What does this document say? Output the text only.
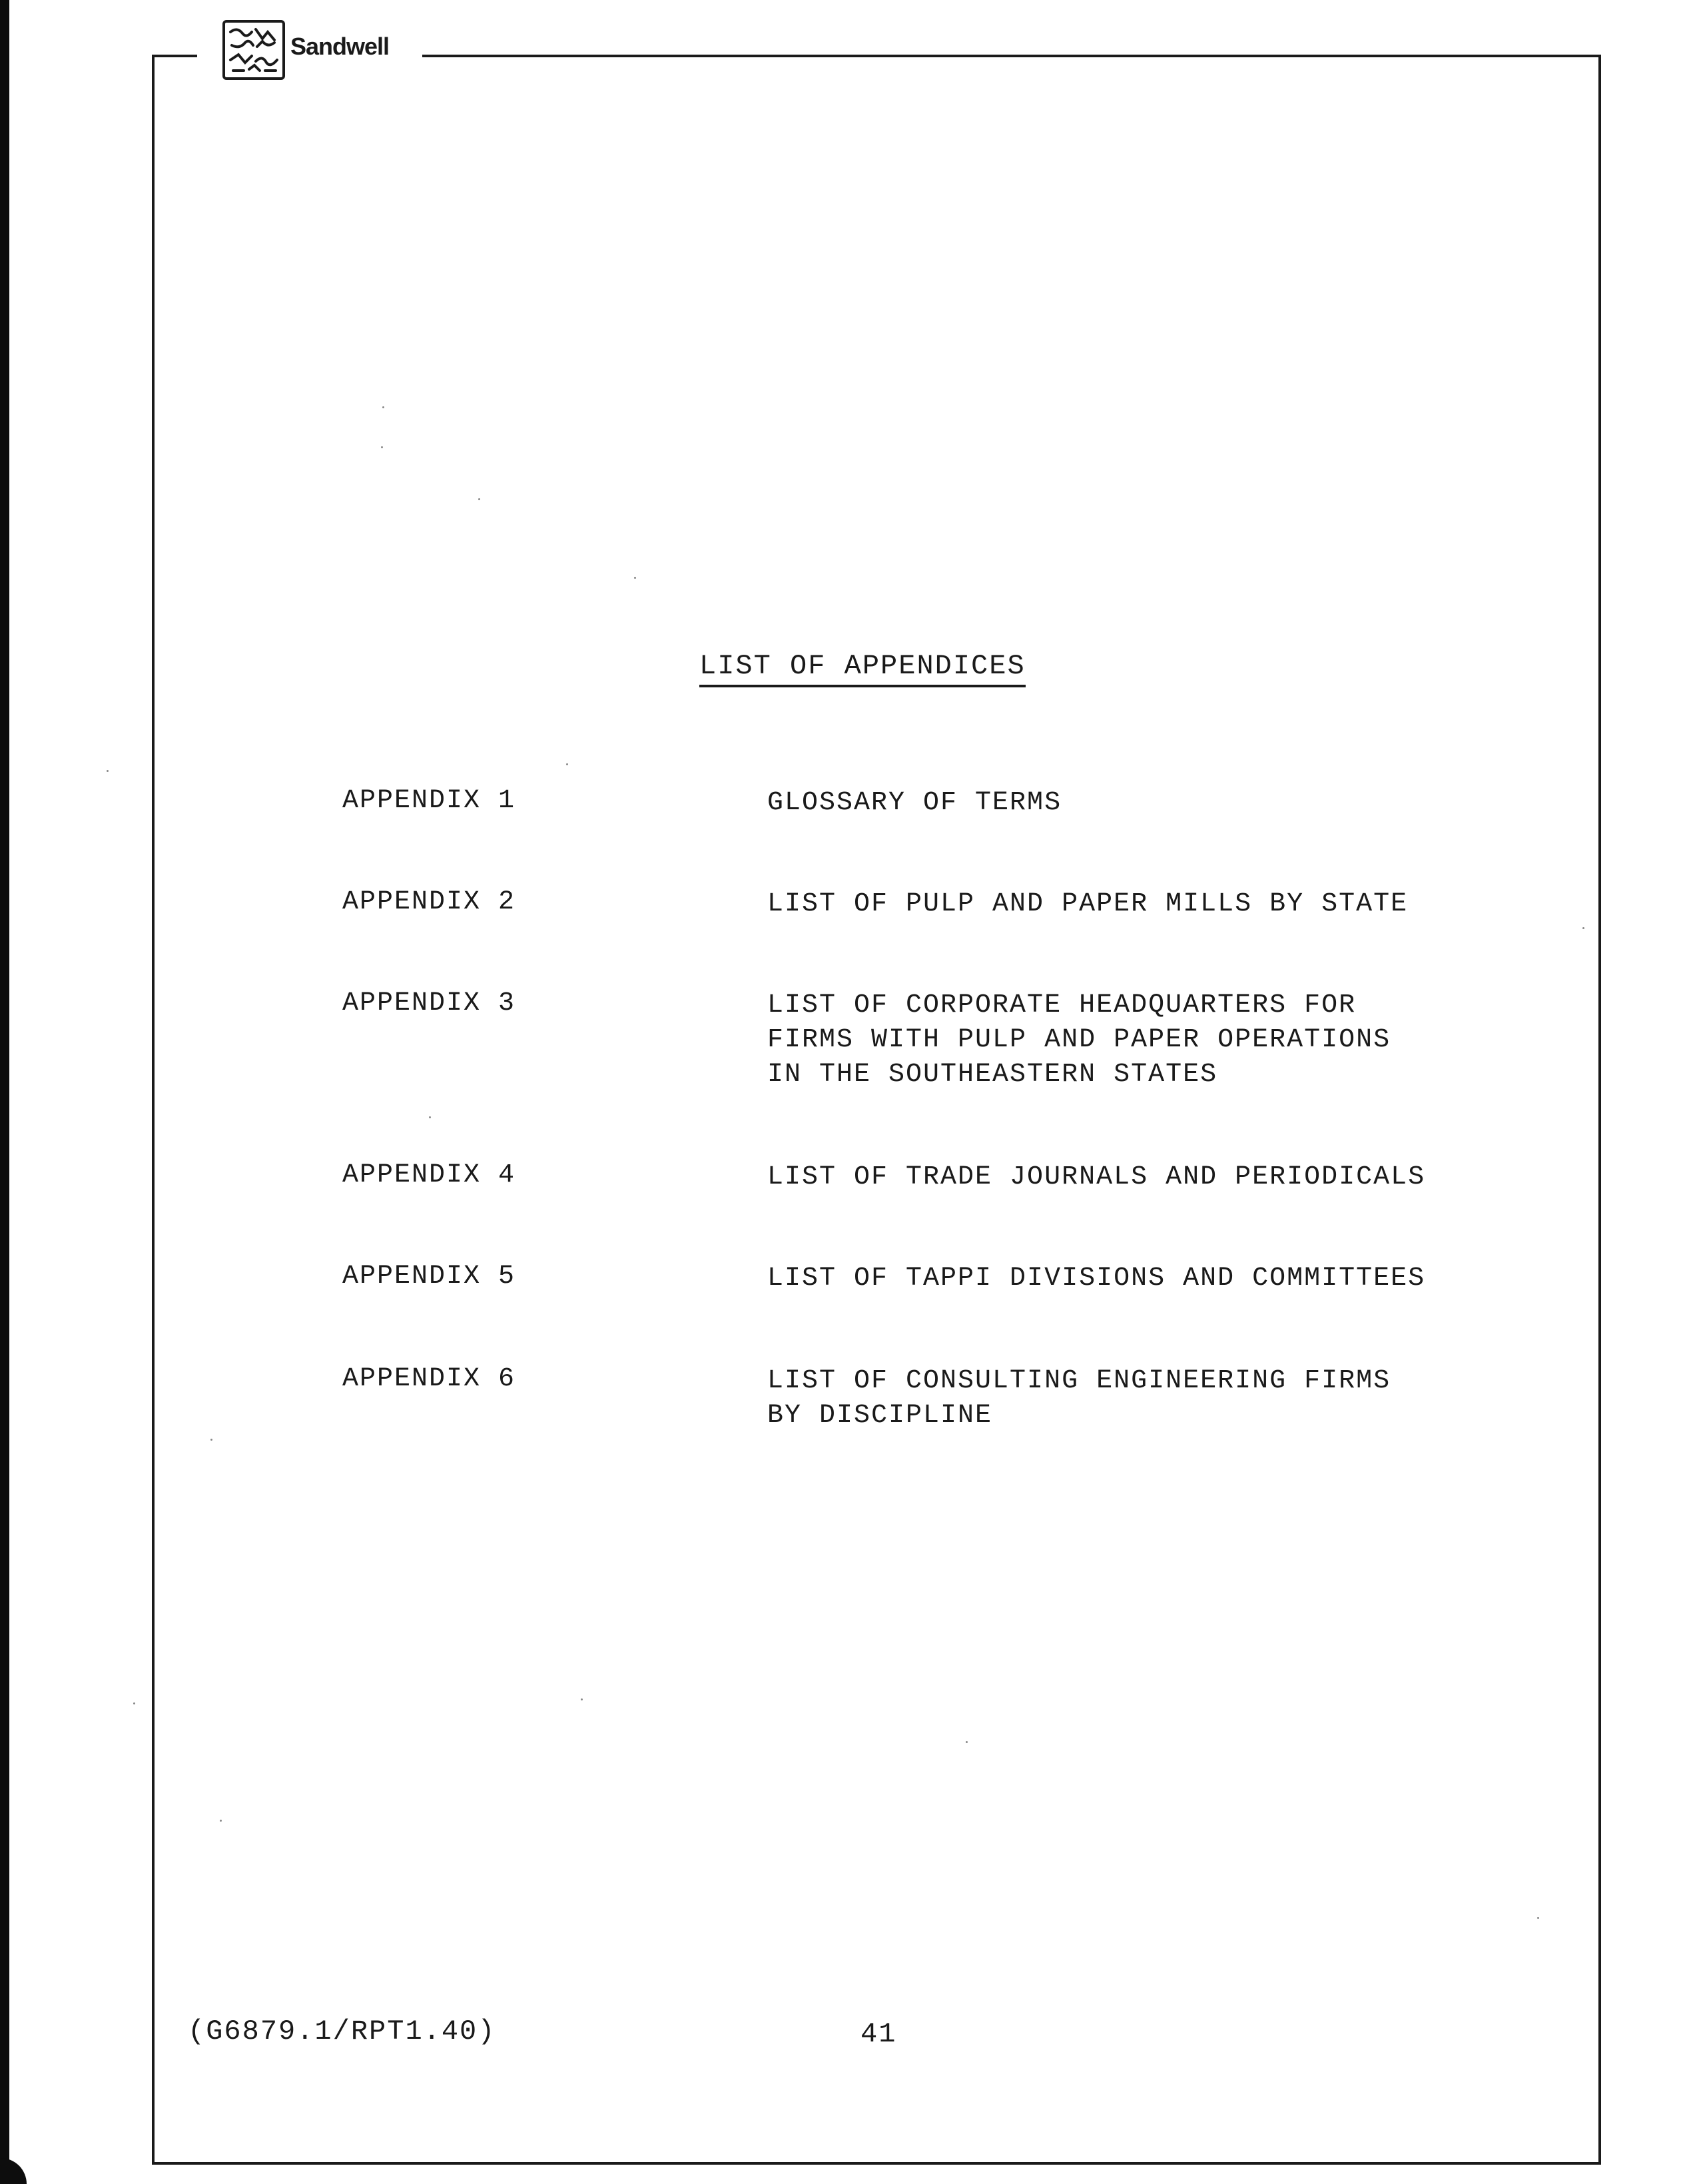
Sandwell
LIST OF APPENDICES
APPENDIX 1	GLOSSARY OF TERMS
APPENDIX 2	LIST OF PULP AND PAPER MILLS BY STATE
APPENDIX 3	LIST OF CORPORATE HEADQUARTERS FOR
FIRMS WITH PULP AND PAPER OPERATIONS
IN THE SOUTHEASTERN STATES
APPENDIX 4	LIST OF TRADE JOURNALS AND PERIODICALS
APPENDIX 5	LIST OF TAPPI DIVISIONS AND COMMITTEES
APPENDIX 6	LIST OF CONSULTING ENGINEERING FIRMS
BY DISCIPLINE
(G6879.1/RPT1.40)	41
